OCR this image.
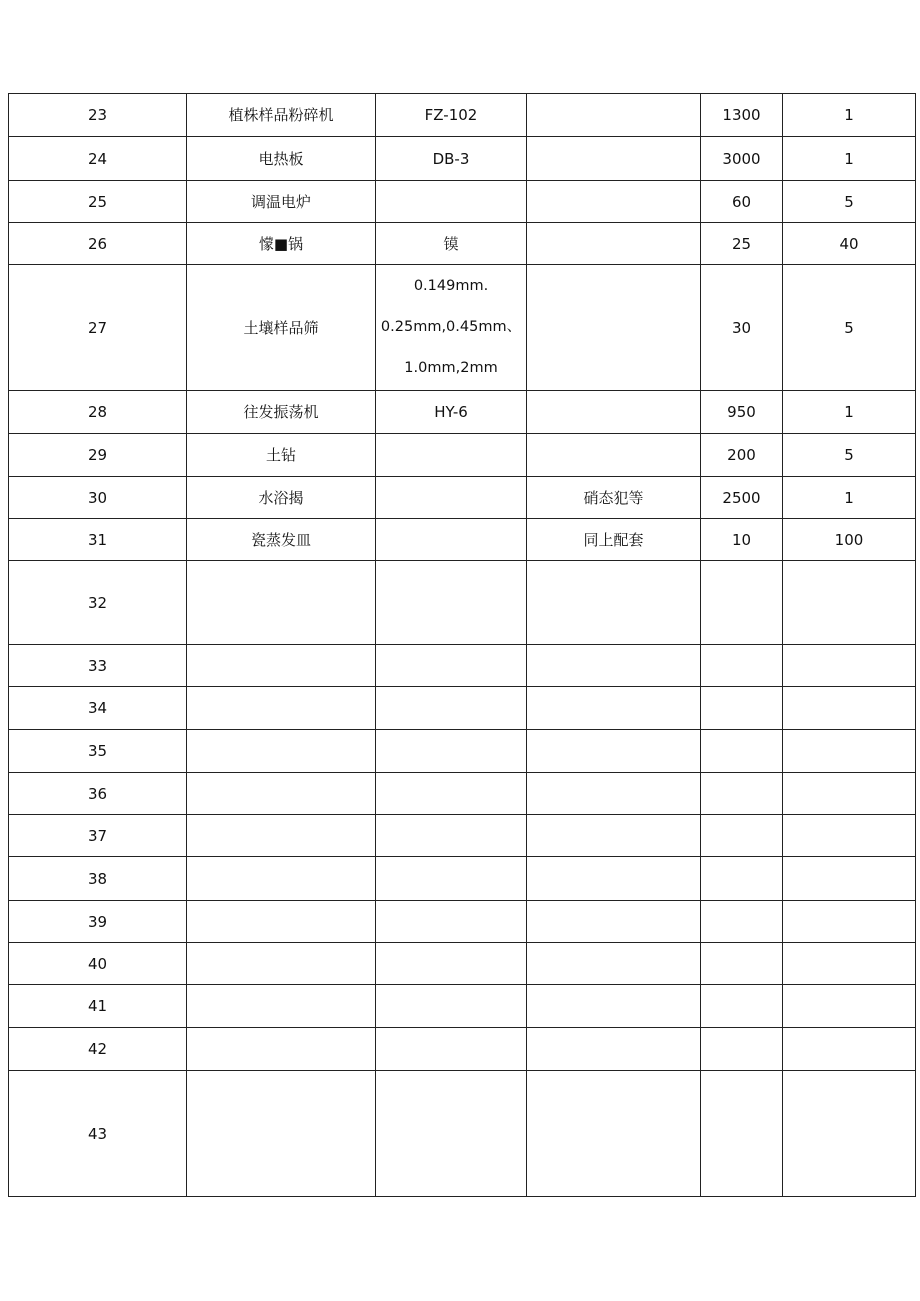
23	植株样品粉碎机	FZ-102		1300	1
24	电热板	DB-3		3000	1
25	调温电炉			60	5
26	懞■锅	镆		25	40
27	土壤样品筛	0.149mm.
0.25mm,0.45mm、
1.0mm,2mm		30	5
28	往发振荡机	HY-6		950	1
29	土钻			200	5
30	水浴揭		硝态犯等	2500	1
31	瓷蒸发皿		同上配套	10	100
32					
33					
34					
35					
36					
37					
38					
39					
40					
41					
42					
43					
